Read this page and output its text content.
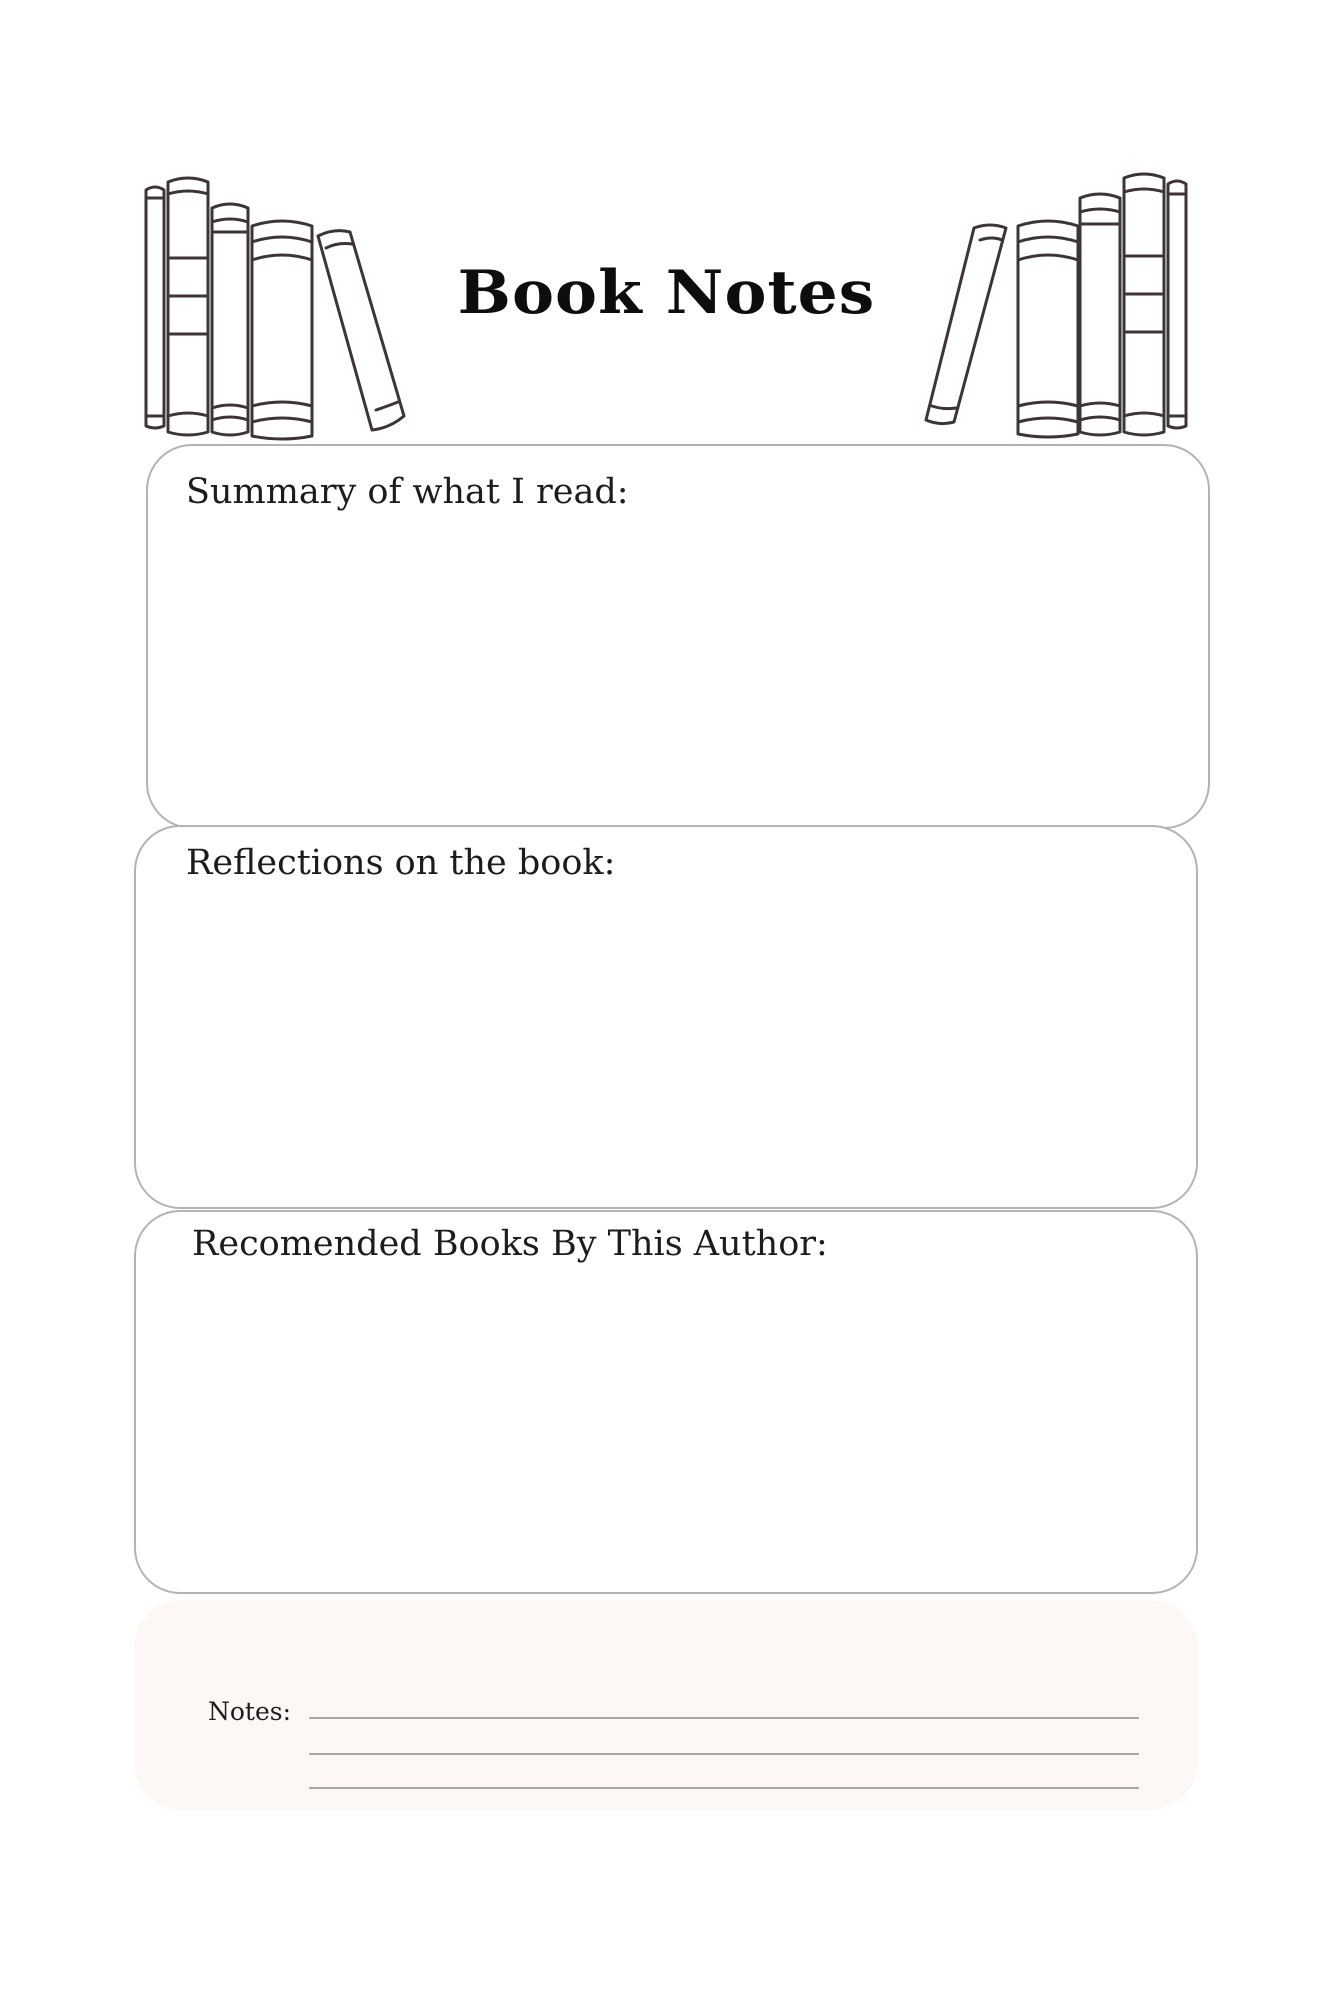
Book Notes
Summary of what I read:
Reflections on the book:
Recomended Books By This Author:
Notes:
